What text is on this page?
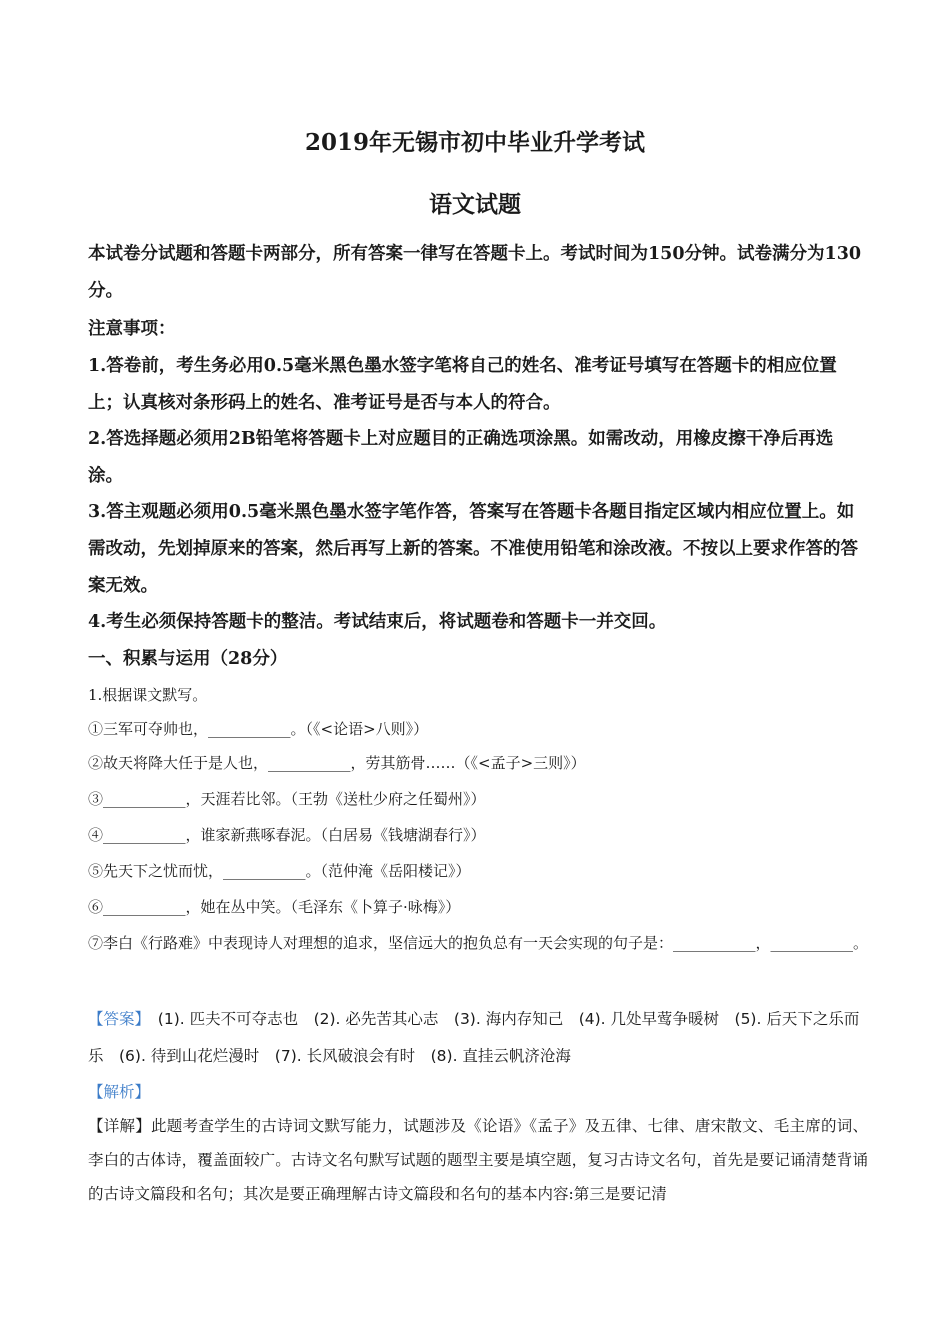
2019年无锡市初中毕业升学考试
语文试题

本试卷分试题和答题卡两部分，所有答案一律写在答题卡上。考试时间为150分钟。试卷满分为130分。

注意事项：

1.答卷前，考生务必用0.5毫米黑色墨水签字笔将自己的姓名、准考证号填写在答题卡的相应位置上；认真核对条形码上的姓名、准考证号是否与本人的符合。

2.答选择题必须用2B铅笔将答题卡上对应题目的正确选项涂黑。如需改动，用橡皮擦干净后再选涂。

3.答主观题必须用0.5毫米黑色墨水签字笔作答，答案写在答题卡各题目指定区域内相应位置上。如需改动，先划掉原来的答案，然后再写上新的答案。不准使用铅笔和涂改液。不按以上要求作答的答案无效。

4.考生必须保持答题卡的整洁。考试结束后，将试题卷和答题卡一并交回。

一、积累与运用（28分）

1.根据课文默写。

①三军可夺帅也，___________。（《<论语>八则》）

②故天将降大任于是人也，___________，劳其筋骨……（《<孟子>三则》）

③___________，天涯若比邻。（王勃《送杜少府之任蜀州》）

④___________，谁家新燕啄春泥。（白居易《钱塘湖春行》）

⑤先天下之忧而忧，___________。（范仲淹《岳阳楼记》）

⑥___________，她在丛中笑。（毛泽东《卜算子·咏梅》）

⑦李白《行路难》中表现诗人对理想的追求，坚信远大的抱负总有一天会实现的句子是：___________，___________。

【答案】　 (1). 匹夫不可夺志也　(2). 必先苦其心志　(3). 海内存知己　(4). 几处早莺争暖树　(5). 后天下之乐而乐　(6). 待到山花烂漫时　(7). 长风破浪会有时　(8). 直挂云帆济沧海

【解析】

【详解】此题考查学生的古诗词文默写能力，试题涉及《论语》《孟子》及五律、七律、唐宋散文、毛主席的词、李白的古体诗，覆盖面较广。古诗文名句默写试题的题型主要是填空题，复习古诗文名句，首先是要记诵清楚背诵的古诗文篇段和名句；其次是要正确理解古诗文篇段和名句的基本内容:第三是要记清
